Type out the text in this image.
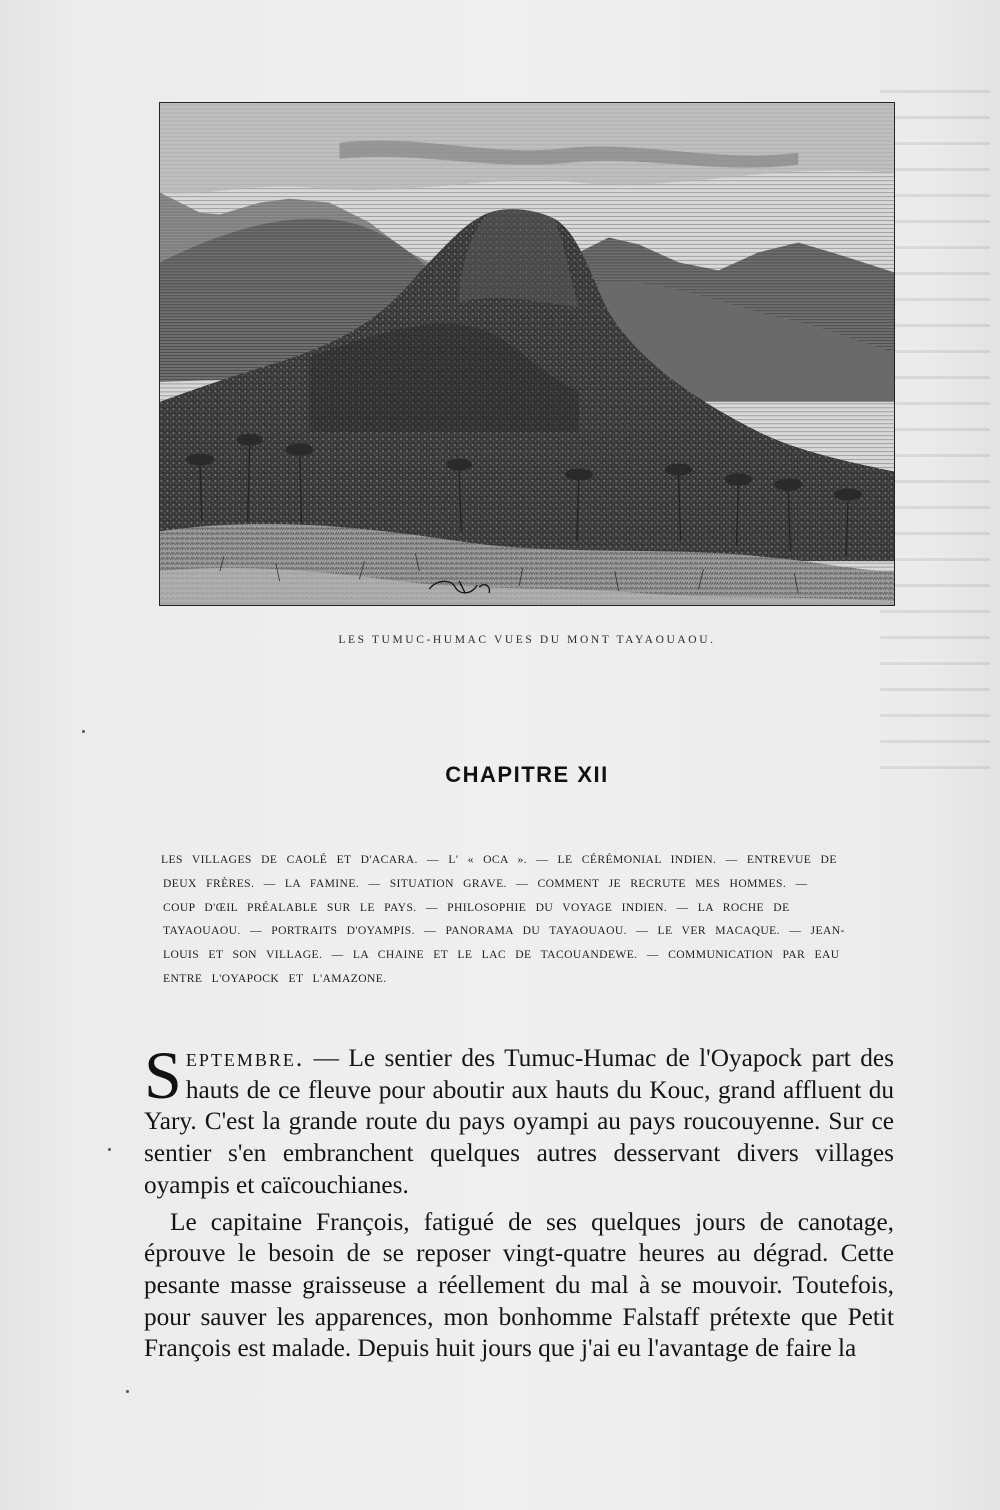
LES TUMUC-HUMAC VUES DU MONT TAYAOUAOU.
CHAPITRE XII
LES VILLAGES DE CAOLÉ ET D'ACARA. — L' « OCA ». — LE CÉRÉMONIAL INDIEN. — ENTREVUE DE
DEUX FRÈRES. — LA FAMINE. — SITUATION GRAVE. — COMMENT JE RECRUTE MES HOMMES. —
COUP D'ŒIL PRÉALABLE SUR LE PAYS. — PHILOSOPHIE DU VOYAGE INDIEN. — LA ROCHE DE
TAYAOUAOU. — PORTRAITS D'OYAMPIS. — PANORAMA DU TAYAOUAOU. — LE VER MACAQUE. — JEAN-
LOUIS ET SON VILLAGE. — LA CHAINE ET LE LAC DE TACOUANDEWE. — COMMUNICATION PAR EAU
ENTRE L'OYAPOCK ET L'AMAZONE.

Septembre. — Le sentier des Tumuc-Humac de l'Oyapock part des hauts de ce fleuve pour aboutir aux hauts du Kouc, grand affluent du Yary. C'est la grande route du pays oyampi au pays roucouyenne. Sur ce sentier s'en embranchent quelques autres desservant divers villages oyampis et caïcouchianes.

Le capitaine François, fatigué de ses quelques jours de canotage, éprouve le besoin de se reposer vingt-quatre heures au dégrad. Cette pesante masse graisseuse a réellement du mal à se mouvoir. Toutefois, pour sauver les apparences, mon bonhomme Falstaff prétexte que Petit François est malade. Depuis huit jours que j'ai eu l'avantage de faire la
